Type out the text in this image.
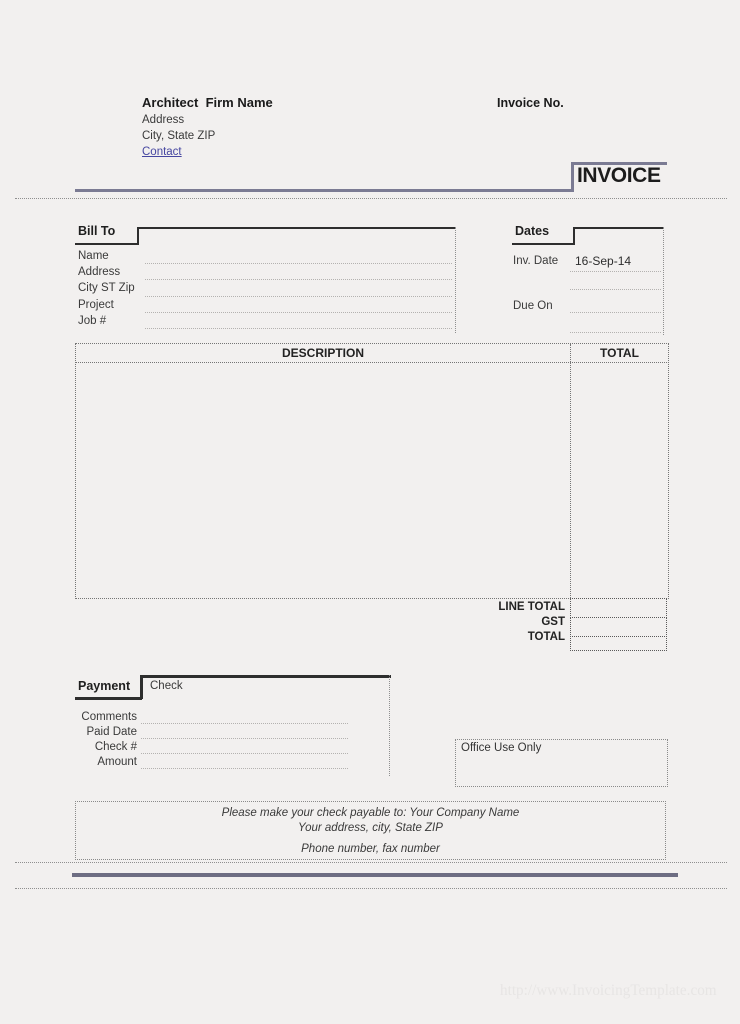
Architect  Firm Name	Invoice No.
Address
City, State ZIP
Contact
INVOICE
Bill To
Name
Address
City ST Zip
Project
Job #
Dates
Inv. Date 16-Sep-14
Due On
DESCRIPTION	TOTAL
LINE TOTAL
GST
TOTAL
Payment Check
Comments
Paid Date
Check #
Amount
Office Use Only
Please make your check payable to: Your Company Name
Your address, city, State ZIP
Phone number, fax number
http://www.InvoicingTemplate.com
